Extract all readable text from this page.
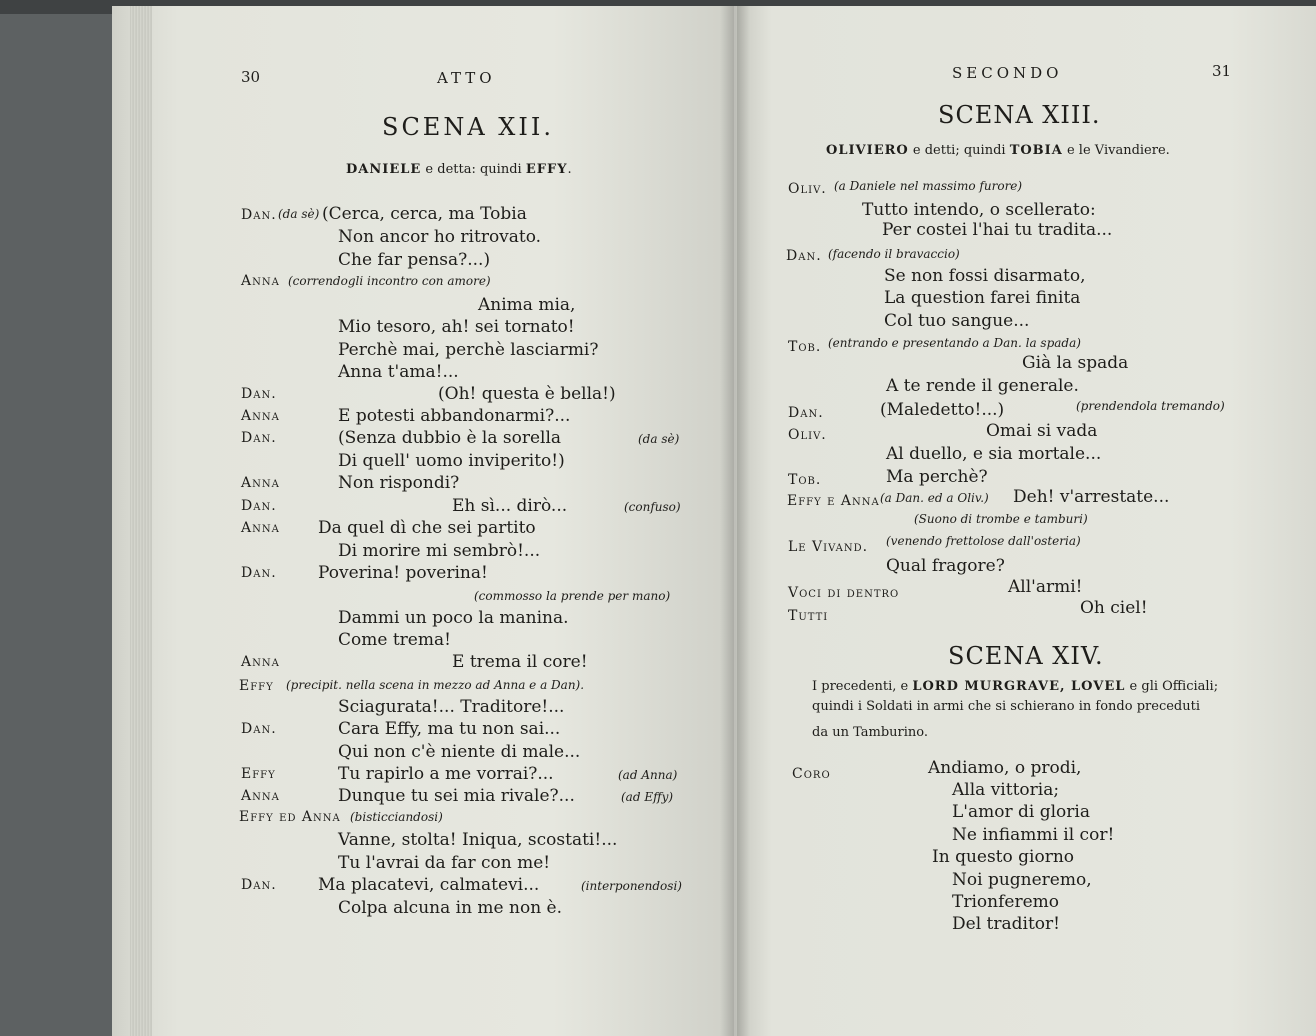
30	ATTO
SCENA XII.
DANIELE e detta: quindi EFFY.
Dan. (da sè) (Cerca, cerca, ma Tobia
Non ancor ho ritrovato.
Che far pensa?...)
Anna (correndogli incontro con amore)
Anima mia,
Mio tesoro, ah! sei tornato!
Perchè mai, perchè lasciarmi?
Anna t'ama!...
Dan.	(Oh! questa è bella!)
Anna	E potesti abbandonarmi?...
Dan.	(Senza dubbio è la sorella	(da sè)
Di quell' uomo inviperito!)
Anna	Non rispondi?
Dan.	Eh sì... dirò...	(confuso)
Anna Da quel dì che sei partito
Di morire mi sembrò!...
Dan. Poverina! poverina!
(commosso la prende per mano)
Dammi un poco la manina.
Come trema!
Anna	E trema il core!
Effy (precipit. nella scena in mezzo ad Anna e a Dan).
Sciagurata!... Traditore!...
Dan.	Cara Effy, ma tu non sai...
Qui non c'è niente di male...
Effy	Tu rapirlo a me vorrai?...	(ad Anna)
Anna	Dunque tu sei mia rivale?...	(ad Effy)
Effy ed Anna (bisticciandosi)
Vanne, stolta! Iniqua, scostati!...
Tu l'avrai da far con me!
Dan. Ma placatevi, calmatevi...	(interponendosi)
Colpa alcuna in me non è.
SECONDO	31
SCENA XIII.
OLIVIERO e detti; quindi TOBIA e le Vivandiere.
Oliv. (a Daniele nel massimo furore)
Tutto intendo, o scellerato:
Per costei l'hai tu tradita...
Dan. (facendo il bravaccio)
Se non fossi disarmato,
La question farei finita
Col tuo sangue...
Tob. (entrando e presentando a Dan. la spada)
Già la spada
A te rende il generale.
Dan.	(Maledetto!...)	(prendendola tremando)
Oliv.	Omai si vada
Al duello, e sia mortale...
Tob.	Ma perchè?
Effy e Anna (a Dan. ed a Oliv.) Deh! v'arrestate...
(Suono di trombe e tamburi)
Le Vivand. (venendo frettolose dall'osteria)
Qual fragore?
Voci di dentro	All'armi!
Tutti	Oh ciel!
SCENA XIV.
I precedenti, e LORD MURGRAVE, LOVEL e gli Officiali;
quindi i Soldati in armi che si schierano in fondo preceduti
da un Tamburino.
Coro	Andiamo, o prodi,
Alla vittoria;
L'amor di gloria
Ne infiammi il cor!
In questo giorno
Noi pugneremo,
Trionferemo
Del traditor!
